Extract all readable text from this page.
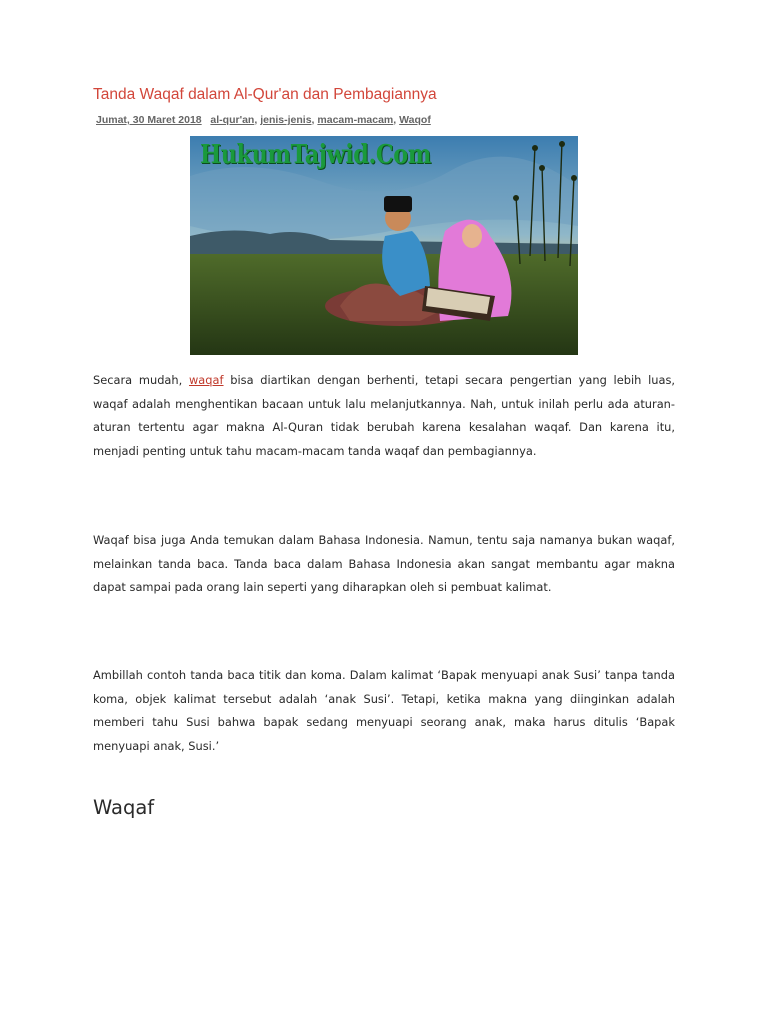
Tanda Waqaf dalam Al-Qur'an dan Pembagiannya
Jumat, 30 Maret 2018 al-qur'an, jenis-jenis, macam-macam, Waqof
HukumTajwid.Com

Secara mudah, waqaf bisa diartikan dengan berhenti, tetapi secara pengertian yang lebih luas, waqaf adalah menghentikan bacaan untuk lalu melanjutkannya. Nah, untuk inilah perlu ada aturan-aturan tertentu agar makna Al-Quran tidak berubah karena kesalahan waqaf. Dan karena itu, menjadi penting untuk tahu macam-macam tanda waqaf dan pembagiannya.

Waqaf bisa juga Anda temukan dalam Bahasa Indonesia. Namun, tentu saja namanya bukan waqaf, melainkan tanda baca. Tanda baca dalam Bahasa Indonesia akan sangat membantu agar makna dapat sampai pada orang lain seperti yang diharapkan oleh si pembuat kalimat.

Ambillah contoh tanda baca titik dan koma. Dalam kalimat ‘Bapak menyuapi anak Susi’ tanpa tanda koma, objek kalimat tersebut adalah ‘anak Susi’. Tetapi, ketika makna yang diinginkan adalah memberi tahu Susi bahwa bapak sedang menyuapi seorang anak, maka harus ditulis ‘Bapak menyuapi anak, Susi.’

Waqaf
